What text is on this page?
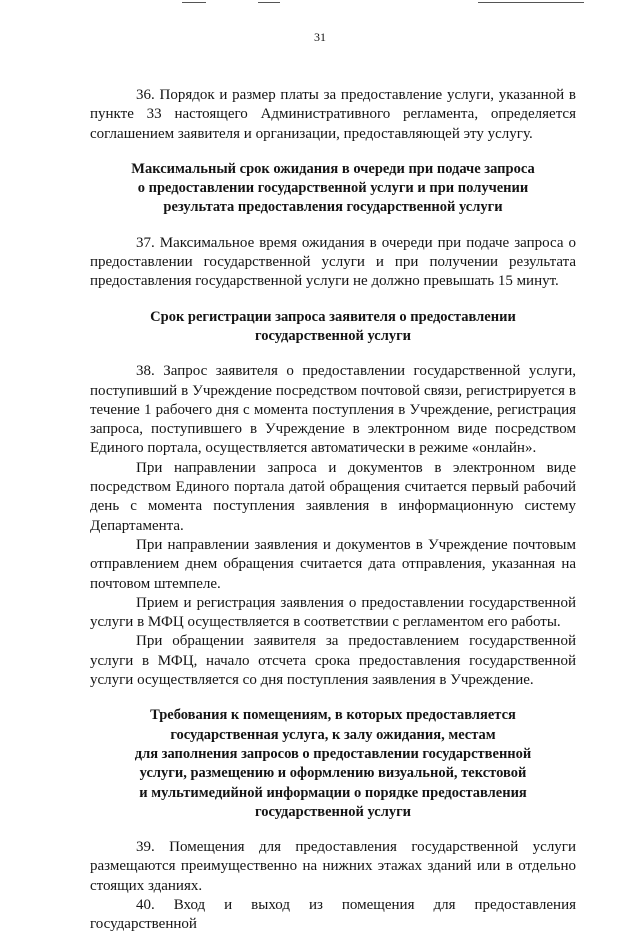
31

36. Порядок и размер платы за предоставление услуги, указанной в пункте 33 настоящего Административного регламента, определяется соглашением заявителя и организации, предоставляющей эту услугу.

Максимальный срок ожидания в очереди при подаче запроса
о предоставлении государственной услуги и при получении
результата предоставления государственной услуги

37. Максимальное время ожидания в очереди при подаче запроса о предоставлении государственной услуги и при получении результата предоставления государственной услуги не должно превышать 15 минут.

Срок регистрации запроса заявителя о предоставлении
государственной услуги

38. Запрос заявителя о предоставлении государственной услуги, поступивший в Учреждение посредством почтовой связи, регистрируется в течение 1 рабочего дня с момента поступления в Учреждение, регистрация запроса, поступившего в Учреждение в электронном виде посредством Единого портала, осуществляется автоматически в режиме «онлайн».

При направлении запроса и документов в электронном виде посредством Единого портала датой обращения считается первый рабочий день с момента поступления заявления в информационную систему Департамента.

При направлении заявления и документов в Учреждение почтовым отправлением днем обращения считается дата отправления, указанная на почтовом штемпеле.

Прием и регистрация заявления о предоставлении государственной услуги в МФЦ осуществляется в соответствии с регламентом его работы.

При обращении заявителя за предоставлением государственной услуги в МФЦ, начало отсчета срока предоставления государственной услуги осуществляется со дня поступления заявления в Учреждение.

Требования к помещениям, в которых предоставляется
государственная услуга, к залу ожидания, местам
для заполнения запросов о предоставлении государственной
услуги, размещению и оформлению визуальной, текстовой
и мультимедийной информации о порядке предоставления
государственной услуги

39. Помещения для предоставления государственной услуги размещаются преимущественно на нижних этажах зданий или в отдельно стоящих зданиях.

40. Вход и выход из помещения для предоставления государственной
